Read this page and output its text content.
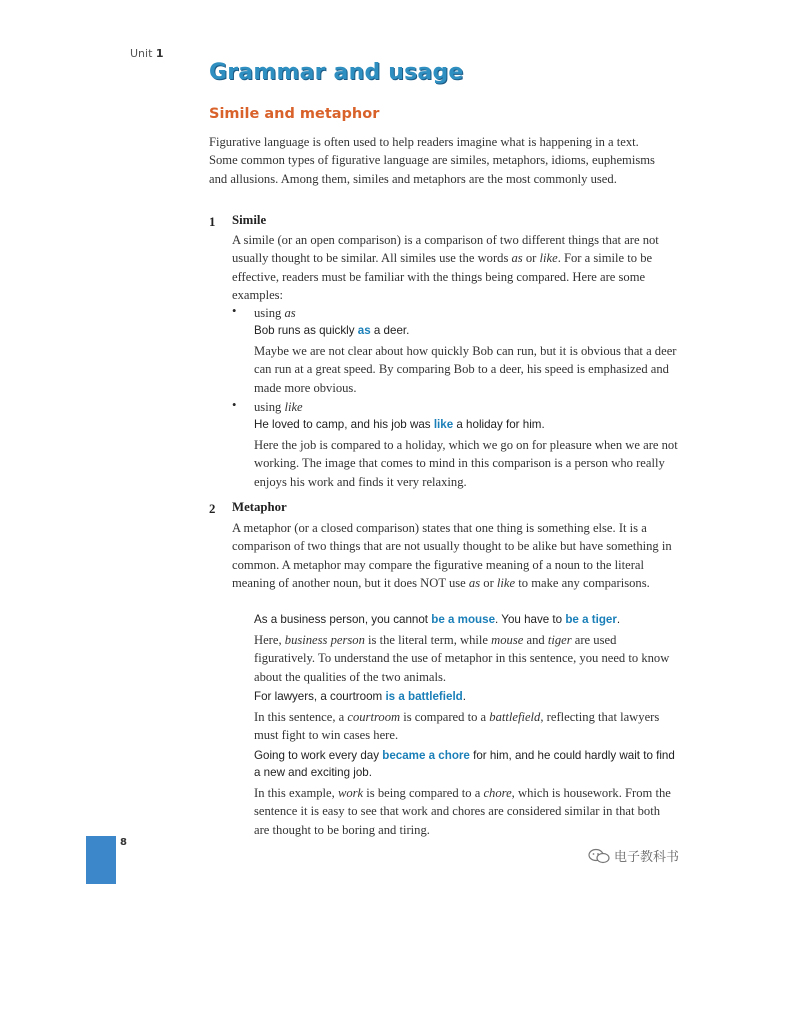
Unit 1
Grammar and usage
Simile and metaphor

Figurative language is often used to help readers imagine what is happening in a text. Some common types of figurative language are similes, metaphors, idioms, euphemisms and allusions. Among them, similes and metaphors are the most commonly used.

1 Simile

A simile (or an open comparison) is a comparison of two different things that are not usually thought to be similar. All similes use the words as or like. For a simile to be effective, readers must be familiar with the things being compared. Here are some examples:

• using as
Bob runs as quickly as a deer.

Maybe we are not clear about how quickly Bob can run, but it is obvious that a deer can run at a great speed. By comparing Bob to a deer, his speed is emphasized and made more obvious.

• using like
He loved to camp, and his job was like a holiday for him.

Here the job is compared to a holiday, which we go on for pleasure when we are not working. The image that comes to mind in this comparison is a person who really enjoys his work and finds it very relaxing.

2 Metaphor

A metaphor (or a closed comparison) states that one thing is something else. It is a comparison of two things that are not usually thought to be alike but have something in common. A metaphor may compare the figurative meaning of a noun to the literal meaning of another noun, but it does NOT use as or like to make any comparisons.

As a business person, you cannot be a mouse. You have to be a tiger.

Here, business person is the literal term, while mouse and tiger are used figuratively. To understand the use of metaphor in this sentence, you need to know about the qualities of the two animals.

For lawyers, a courtroom is a battlefield.

In this sentence, a courtroom is compared to a battlefield, reflecting that lawyers must fight to win cases here.

Going to work every day became a chore for him, and he could hardly wait to find a new and exciting job.

In this example, work is being compared to a chore, which is housework. From the sentence it is easy to see that work and chores are considered similar in that both are thought to be boring and tiring.

8
电子教科书
